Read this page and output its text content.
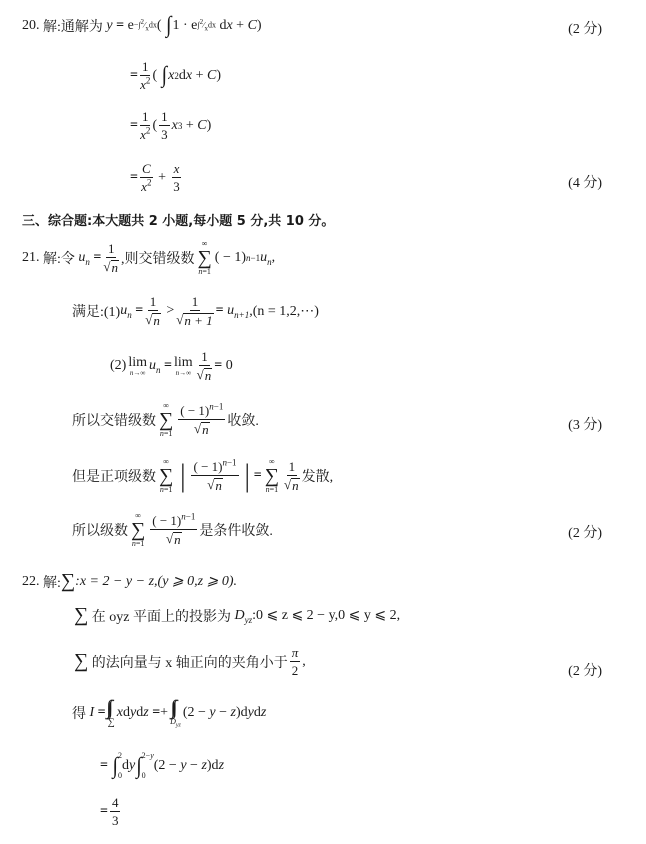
20.
解:通解为
y
= $e -\int^2⁄_xdx$ ( ∫ 1 · e $\int^2⁄_xdx$ d x + C )	(2 分)
= $\frac{1}{x^2}$ ( ∫ x 2 d x + C )
= $\frac{1}{x^2}$ ( $\frac{1}{3}$ x 3 + C )
= $\frac{C}{x^2} + \frac{x}{3}$	(4 分)
三、综合题:本大题共 2 小题,每小题 5 分,共 10 分。
21.
解:令
$u_n$
= $\frac{1}{√ n}$ ,则交错级数
∞
∑
n=1
( − 1) n−1 $u_n$ ,
满足:(1) $u_n$
= $\frac{1}{√ n} > \frac{1}{√ n + 1}$ =
$u_{n+1}$ ,(n = 1,2,⋯)
(2) lim
n→∞ $u_n$
= lim
$n\to\infty \frac{1}{√ n} = 0$
所以交错级数
∞
∑
$n=1 \frac{( - 1)^{n-1}}{√ n}$ 收敛.	(3 分)
但是正项级数
∞
∑
n=1 | $\frac{( - 1)^{n-1}}{√ n}$ | =
∞
∑
$n=1 \frac{1}{√ n}$ 发散,
所以级数
∞
∑
$n=1 \frac{( - 1)^{n-1}}{√ n}$ 是条件收敛.	(2 分)
22.
解: ∑ :x = 2 − y − z,(y ⩾ 0,z ⩾ 0).
∑
在 oyz 平面上的投影为
$D_{yz}$ :0 ⩽ z ⩽ 2 − y,0 ⩽ y ⩽ 2,
∑
的法向量与 x 轴正向的夹角小于 $\frac{\pi}{2}$ ,
(2 分)
得
I
=
∑
x d y d z
= +
$D_{yz}$
(2 − y − z )d y d z
=
∫ 2
0
d y ∫ 2−y
0
(2 − y − z )d z
= $\frac{4}{3}$
